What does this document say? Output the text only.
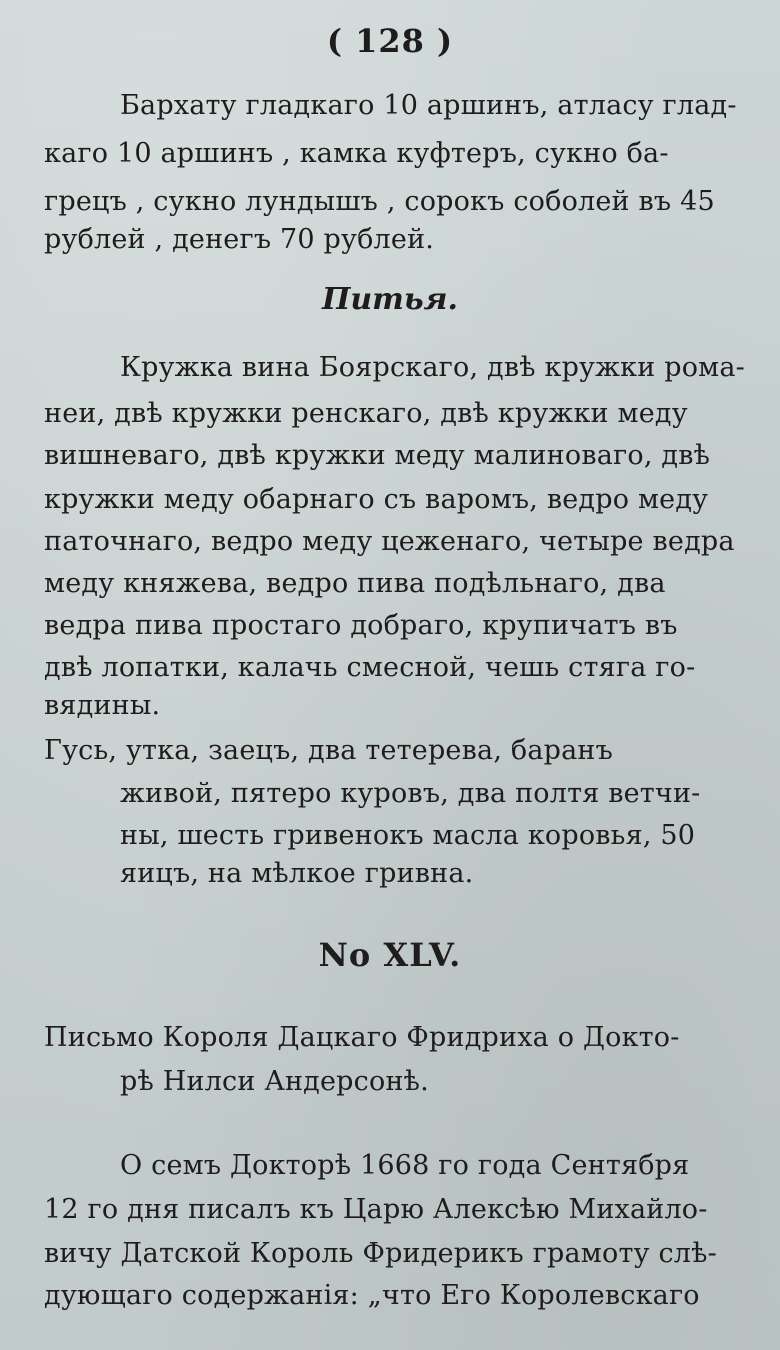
( 128 )
Бархату гладкаго 10 аршинъ, атласу глад-
каго 10 аршинъ , камка куфтеръ, сукно ба-
грецъ , сукно лундышъ , сорокъ соболей въ 45
рублей , денегъ 70 рублей.
Питья.
Кружка вина Боярскаго, двѣ кружки рома-
неи, двѣ кружки ренскаго, двѣ кружки меду
вишневаго, двѣ кружки меду малиноваго, двѣ
кружки меду обарнаго съ варомъ, ведро меду
паточнаго, ведро меду цеженаго, четыре ведра
меду княжева, ведро пива подѣльнаго, два
ведра пива простаго добраго, крупичатъ въ
двѣ лопатки, калачь смесной, чешь стяга го-
вядины.
Гусь, утка, заецъ, два тетерева, баранъ
живой, пятеро куровъ, два полтя ветчи-
ны, шесть гривенокъ масла коровья, 50
яицъ, на мѣлкое гривна.
No XLV.
Письмо Короля Дацкаго Фридриха о Докто-
рѣ Нилси Андерсонѣ.
О семъ Докторѣ 1668 го года Сентября
12 го дня писалъ къ Царю Алексѣю Михайло-
вичу Датской Король Фридерикъ грамоту слѣ-
дующаго содержанія: „что Его Королевскаго
